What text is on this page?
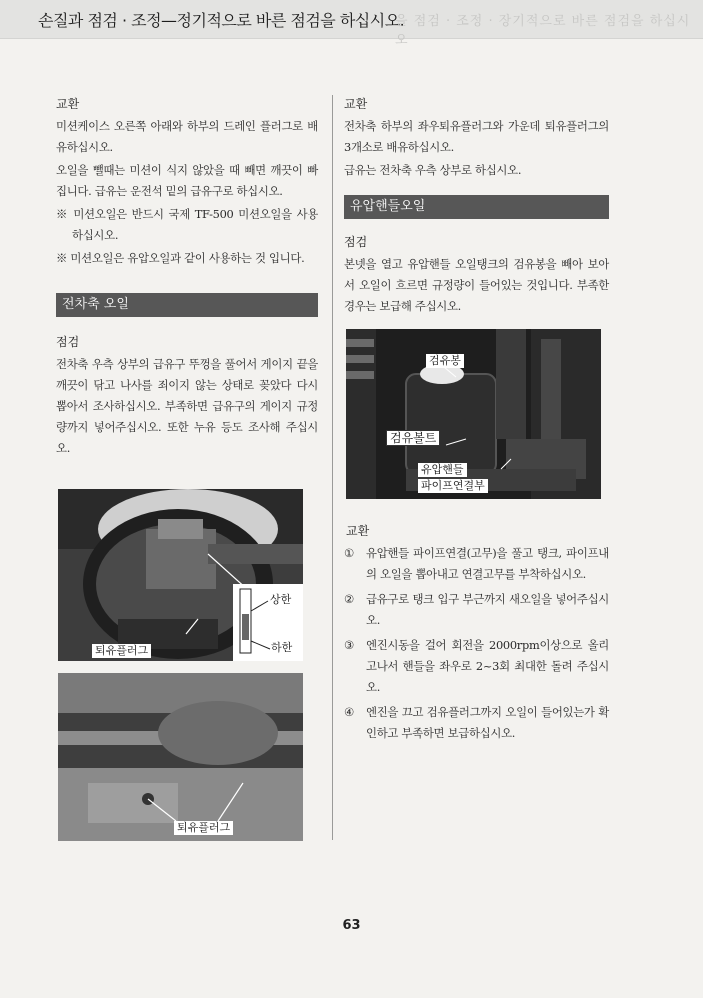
손질과 점검 · 조정—정기적으로 바른 점검을 하십시오.
을 점검 · 조정 · 장기적으로 바른 점검을 하십시오
교환

미션케이스 오른쪽 아래와 하부의 드레인 플러그로 배유하십시오.

오일을 뺄때는 미션이 식지 않았을 때 빼면 깨끗이 빠집니다. 급유는 운전석 밑의 급유구로 하십시오.

※ 미션오일은 반드시 국제 TF-500 미션오일을 사용하십시오.

※ 미션오일은 유압오일과 같이 사용하는 것 입니다.

전차축 오일
점검

전차축 우측 상부의 급유구 뚜껑을 풀어서 게이지 끝을 깨끗이 닦고 나사를 죄이지 않는 상태로 꽂았다 다시 뽑아서 조사하십시오. 부족하면 급유구의 게이지 규정량까지 넣어주십시오. 또한 누유 등도 조사해 주십시오.

상한
하한
퇴유플러그
퇴유플러그
교환

전차축 하부의 좌우퇴유플러그와 가운데 퇴유플러그의 3개소로 배유하십시오.

급유는 전차축 우측 상부로 하십시오.

유압핸들오일
점검

본넷을 열고 유압핸들 오일탱크의 검유봉을 빼아 보아서 오일이 흐르면 규정량이 들어있는 것입니다. 부족한 경우는 보급해 주십시오.

검유봉
검유볼트
유압핸들
파이프연결부
교환
①	유압핸들 파이프연결(고무)을 풀고 탱크, 파이프내의 오일을 뽑아내고 연결고무를 부착하십시오.
②	급유구로 탱크 입구 부근까지 새오일을 넣어주십시오.
③	엔진시동을 걸어 회전을 2000rpm이상으로 올리고나서 핸들을 좌우로 2~3회 최대한 돌려 주십시오.
④	엔진을 끄고 검유플러그까지 오일이 들어있는가 확인하고 부족하면 보급하십시오.
63
